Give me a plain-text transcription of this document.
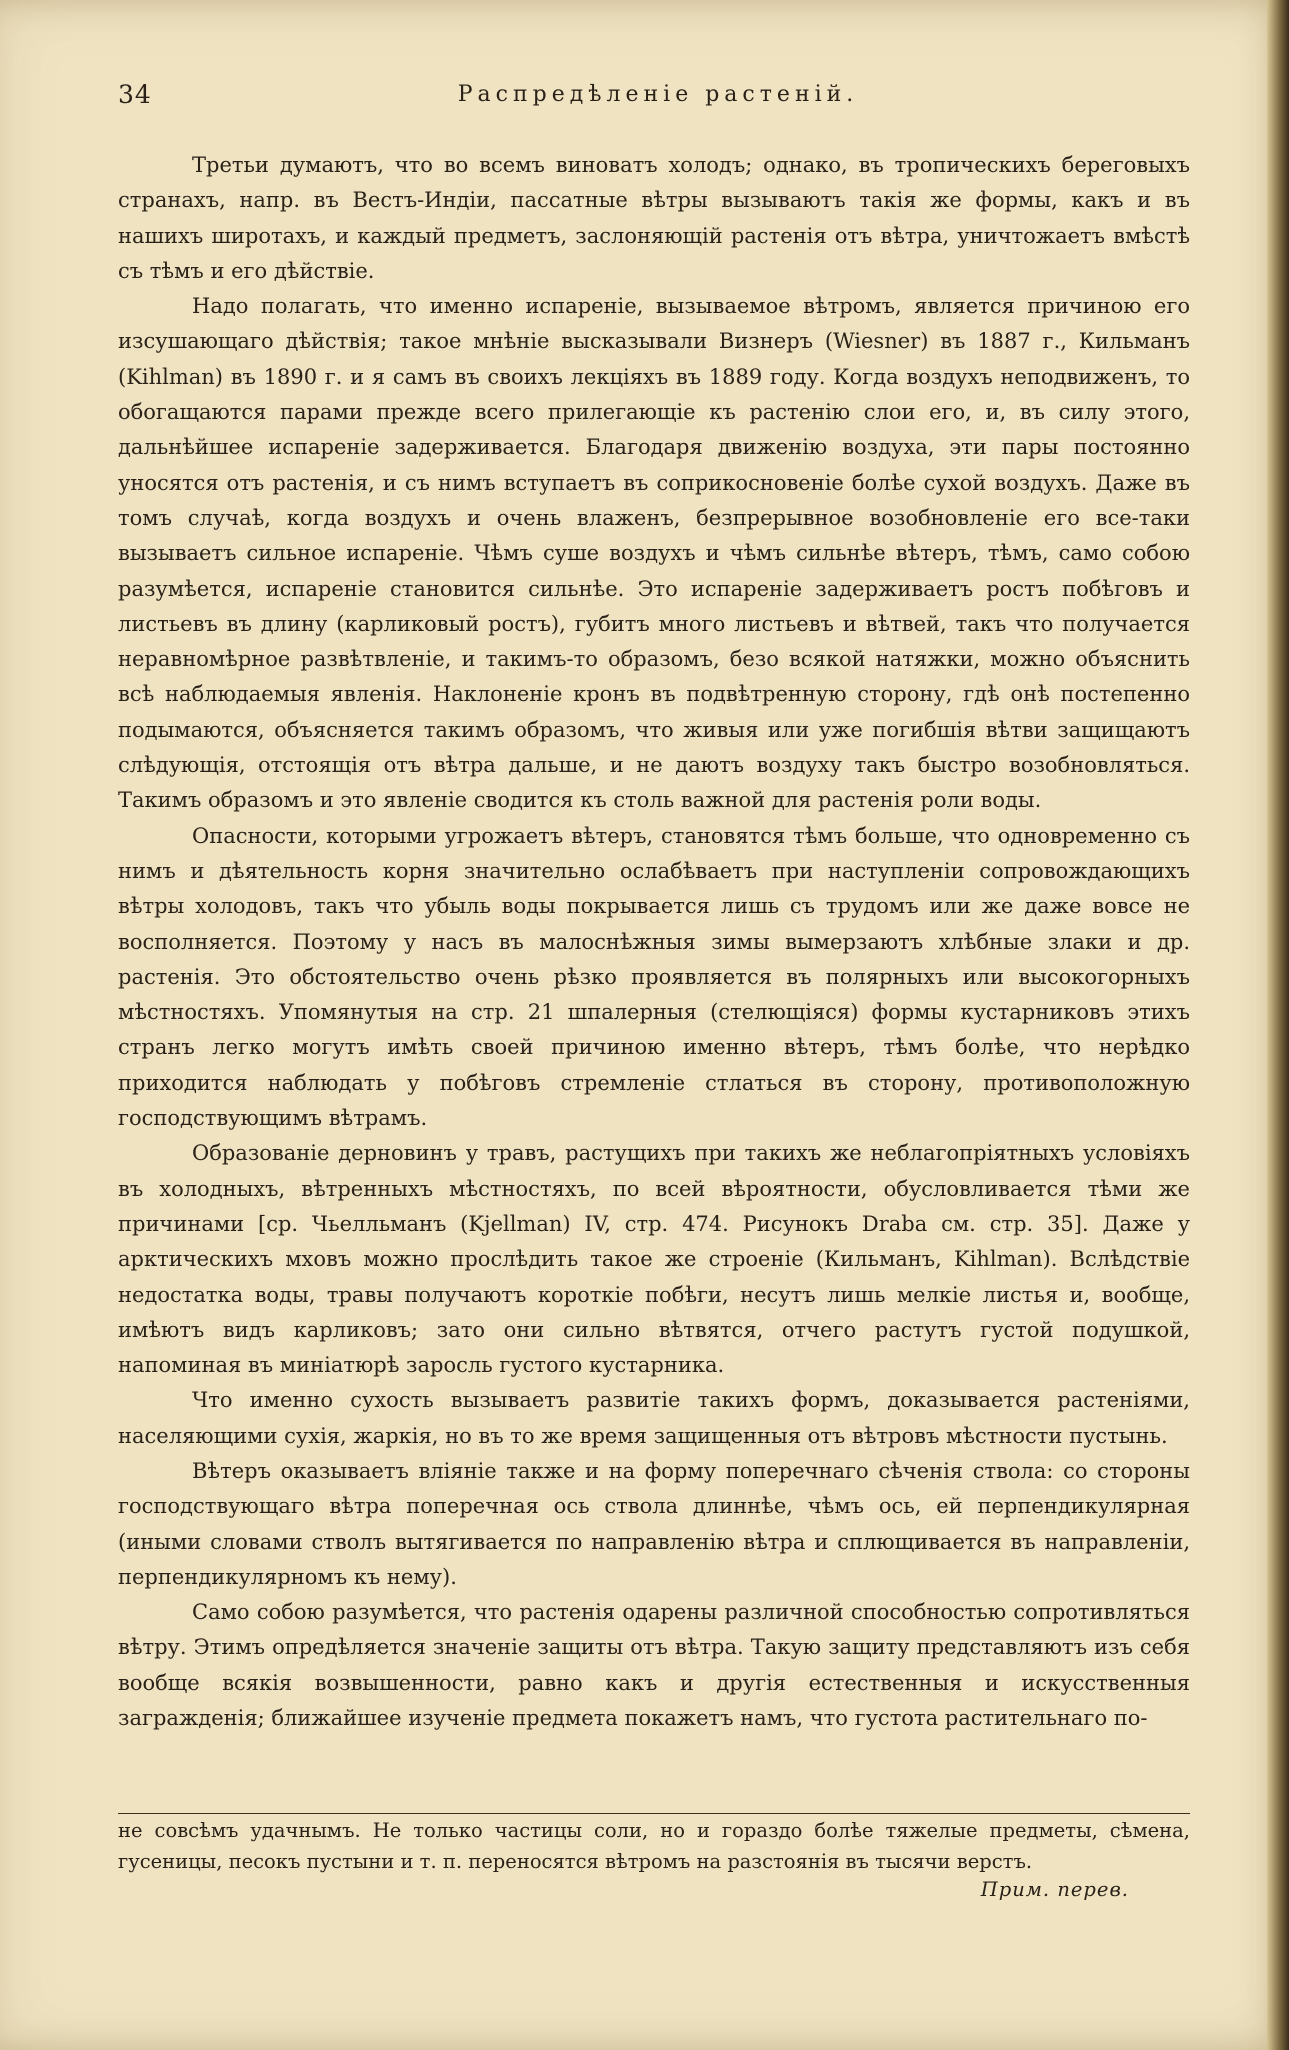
34	Распредѣленіе растеній.

Третьи думаютъ, что во всемъ виноватъ холодъ; однако, въ тропическихъ береговыхъ странахъ, напр. въ Вестъ-Индіи, пассатные вѣтры вызываютъ такія же формы, какъ и въ нашихъ широтахъ, и каждый предметъ, заслоняющій растенія отъ вѣтра, уничтожаетъ вмѣстѣ съ тѣмъ и его дѣйствіе.

Надо полагать, что именно испареніе, вызываемое вѣтромъ, является причиною его изсушающаго дѣйствія; такое мнѣніе высказывали Визнеръ (Wiesner) въ 1887 г., Кильманъ (Kihlman) въ 1890 г. и я самъ въ своихъ лекціяхъ въ 1889 году. Когда воздухъ неподвиженъ, то обогащаются парами прежде всего прилегающіе къ растенію слои его, и, въ силу этого, дальнѣйшее испареніе задерживается. Благодаря движенію воздуха, эти пары постоянно уносятся отъ растенія, и съ нимъ вступаетъ въ соприкосновеніе болѣе сухой воздухъ. Даже въ томъ случаѣ, когда воздухъ и очень влаженъ, безпрерывное возобновленіе его все-таки вызываетъ сильное испареніе. Чѣмъ суше воздухъ и чѣмъ сильнѣе вѣтеръ, тѣмъ, само собою разумѣется, испареніе становится сильнѣе. Это испареніе задерживаетъ ростъ побѣговъ и листьевъ въ длину (карликовый ростъ), губитъ много листьевъ и вѣтвей, такъ что получается неравномѣрное развѣтвленіе, и такимъ-то образомъ, безо всякой натяжки, можно объяснить всѣ наблюдаемыя явленія. Наклоненіе кронъ въ подвѣтренную сторону, гдѣ онѣ постепенно подымаются, объясняется такимъ образомъ, что живыя или уже погибшія вѣтви защищаютъ слѣдующія, отстоящія отъ вѣтра дальше, и не даютъ воздуху такъ быстро возобновляться. Такимъ образомъ и это явленіе сводится къ столь важной для растенія роли воды.

Опасности, которыми угрожаетъ вѣтеръ, становятся тѣмъ больше, что одновременно съ нимъ и дѣятельность корня значительно ослабѣваетъ при наступленіи сопровождающихъ вѣтры холодовъ, такъ что убыль воды покрывается лишь съ трудомъ или же даже вовсе не восполняется. Поэтому у насъ въ малоснѣжныя зимы вымерзаютъ хлѣбные злаки и др. растенія. Это обстоятельство очень рѣзко проявляется въ полярныхъ или высокогорныхъ мѣстностяхъ. Упомянутыя на стр. 21 шпалерныя (стелющіяся) формы кустарниковъ этихъ странъ легко могутъ имѣть своей причиною именно вѣтеръ, тѣмъ болѣе, что нерѣдко приходится наблюдать у побѣговъ стремленіе стлаться въ сторону, противоположную господствующимъ вѣтрамъ.

Образованіе дерновинъ у травъ, растущихъ при такихъ же неблагопріятныхъ условіяхъ въ холодныхъ, вѣтренныхъ мѣстностяхъ, по всей вѣроятности, обусловливается тѣми же причинами [ср. Чьелльманъ (Kjellman) IV, стр. 474. Рисунокъ Draba см. стр. 35]. Даже у арктическихъ мховъ можно прослѣдить такое же строеніе (Кильманъ, Kihlman). Вслѣдствіе недостатка воды, травы получаютъ короткіе побѣги, несутъ лишь мелкіе листья и, вообще, имѣютъ видъ карликовъ; зато они сильно вѣтвятся, отчего растутъ густой подушкой, напоминая въ миніатюрѣ заросль густого кустарника.

Что именно сухость вызываетъ развитіе такихъ формъ, доказывается растеніями, населяющими сухія, жаркія, но въ то же время защищенныя отъ вѣтровъ мѣстности пустынь.

Вѣтеръ оказываетъ вліяніе также и на форму поперечнаго сѣченія ствола: со стороны господствующаго вѣтра поперечная ось ствола длиннѣе, чѣмъ ось, ей перпендикулярная (иными словами стволъ вытягивается по направленію вѣтра и сплющивается въ направленіи, перпендикулярномъ къ нему).

Само собою разумѣется, что растенія одарены различной способностью сопротивляться вѣтру. Этимъ опредѣляется значеніе защиты отъ вѣтра. Такую защиту представляютъ изъ себя вообще всякія возвышенности, равно какъ и другія естественныя и искусственныя загражденія; ближайшее изученіе предмета покажетъ намъ, что густота растительнаго по-

не совсѣмъ удачнымъ. Не только частицы соли, но и гораздо болѣе тяжелые предметы, сѣмена, гусеницы, песокъ пустыни и т. п. переносятся вѣтромъ на разстоянія въ тысячи верстъ.

Прим. перев.
